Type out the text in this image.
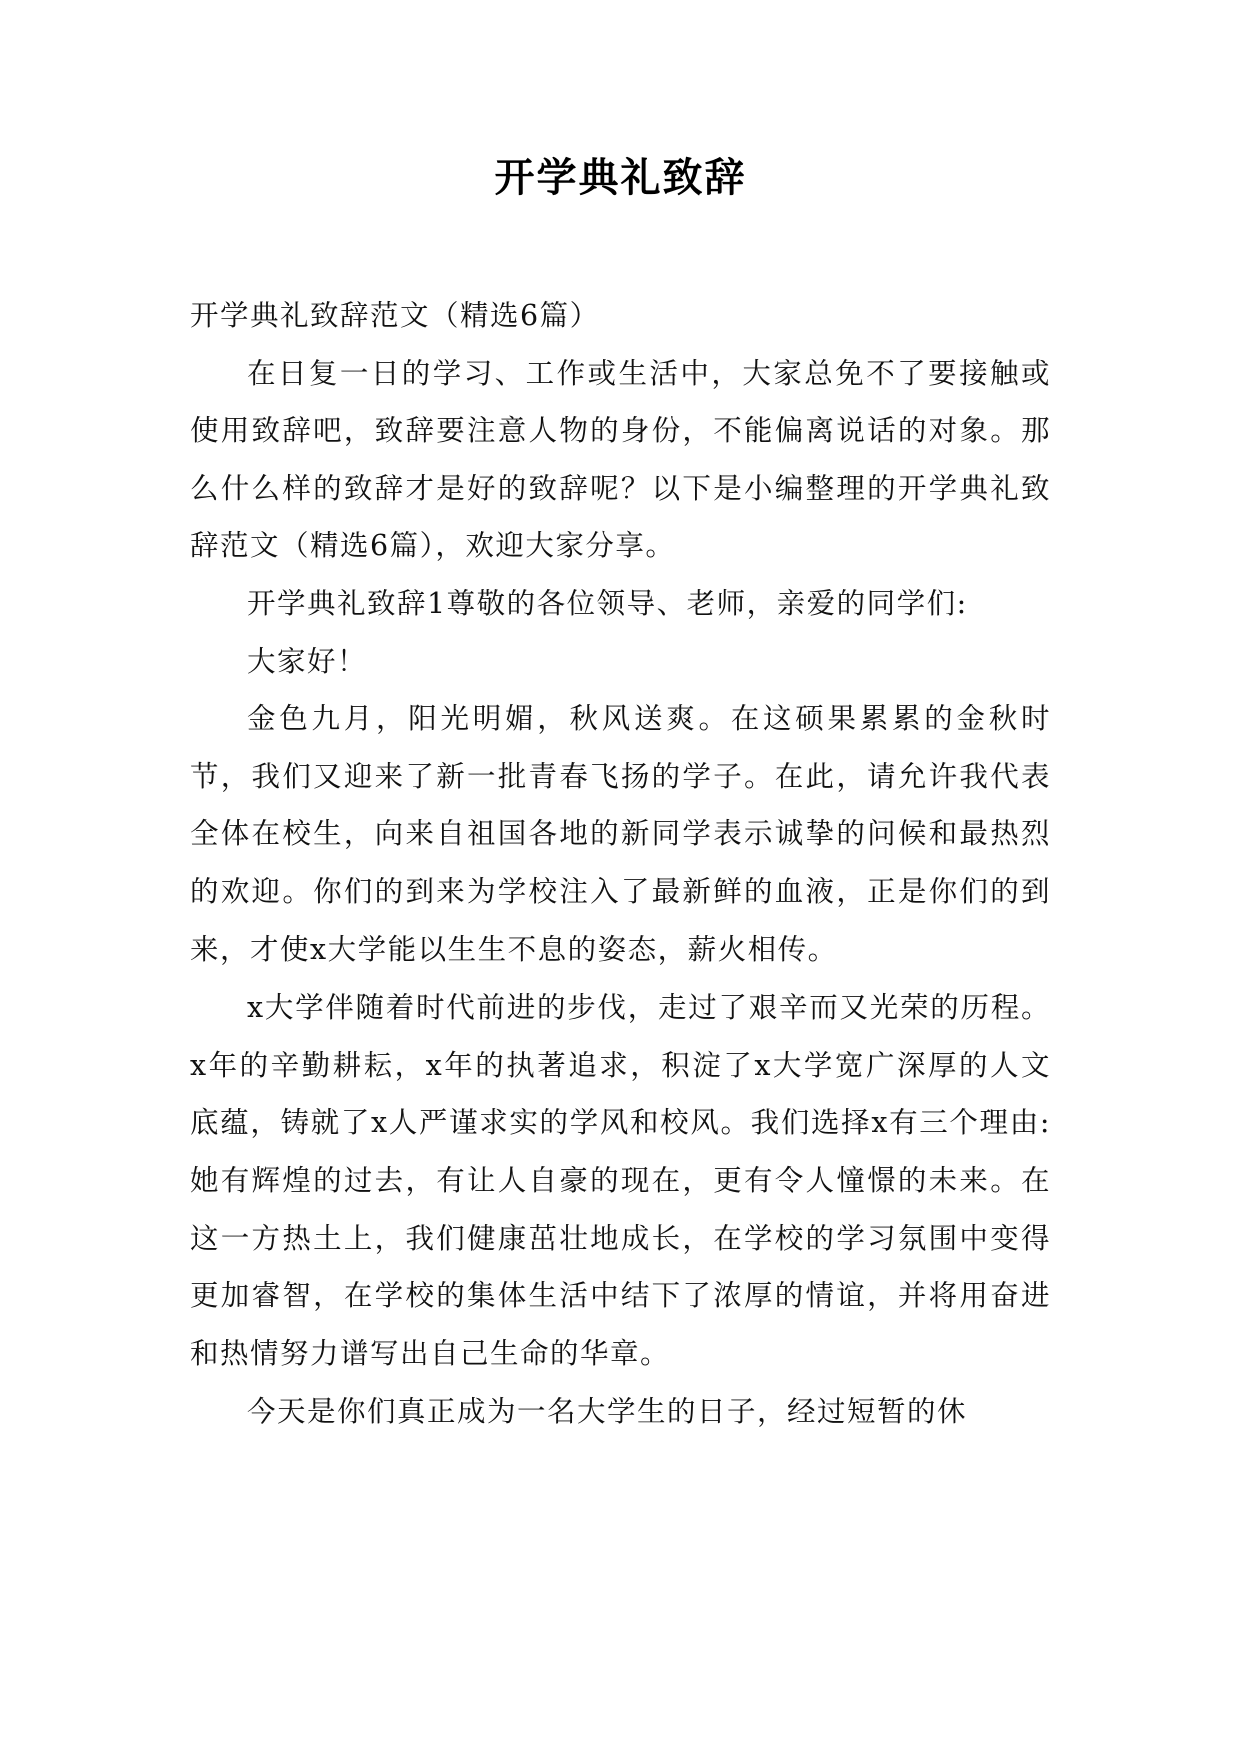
开学典礼致辞

开学典礼致辞范文（精选6篇）

在日复一日的学习、工作或生活中，大家总免不了要接触或使用致辞吧，致辞要注意人物的身份，不能偏离说话的对象。那么什么样的致辞才是好的致辞呢？以下是小编整理的开学典礼致辞范文（精选6篇），欢迎大家分享。

开学典礼致辞1尊敬的各位领导、老师，亲爱的同学们:

大家好！

金色九月，阳光明媚，秋风送爽。在这硕果累累的金秋时节，我们又迎来了新一批青春飞扬的学子。在此，请允许我代表全体在校生，向来自祖国各地的新同学表示诚挚的问候和最热烈的欢迎。你们的到来为学校注入了最新鲜的血液，正是你们的到来，才使x大学能以生生不息的姿态，薪火相传。

x大学伴随着时代前进的步伐，走过了艰辛而又光荣的历程。x年的辛勤耕耘，x年的执著追求，积淀了x大学宽广深厚的人文底蕴，铸就了x人严谨求实的学风和校风。我们选择x有三个理由:她有辉煌的过去，有让人自豪的现在，更有令人憧憬的未来。在这一方热土上，我们健康茁壮地成长，在学校的学习氛围中变得更加睿智，在学校的集体生活中结下了浓厚的情谊，并将用奋进和热情努力谱写出自己生命的华章。

今天是你们真正成为一名大学生的日子，经过短暂的休
